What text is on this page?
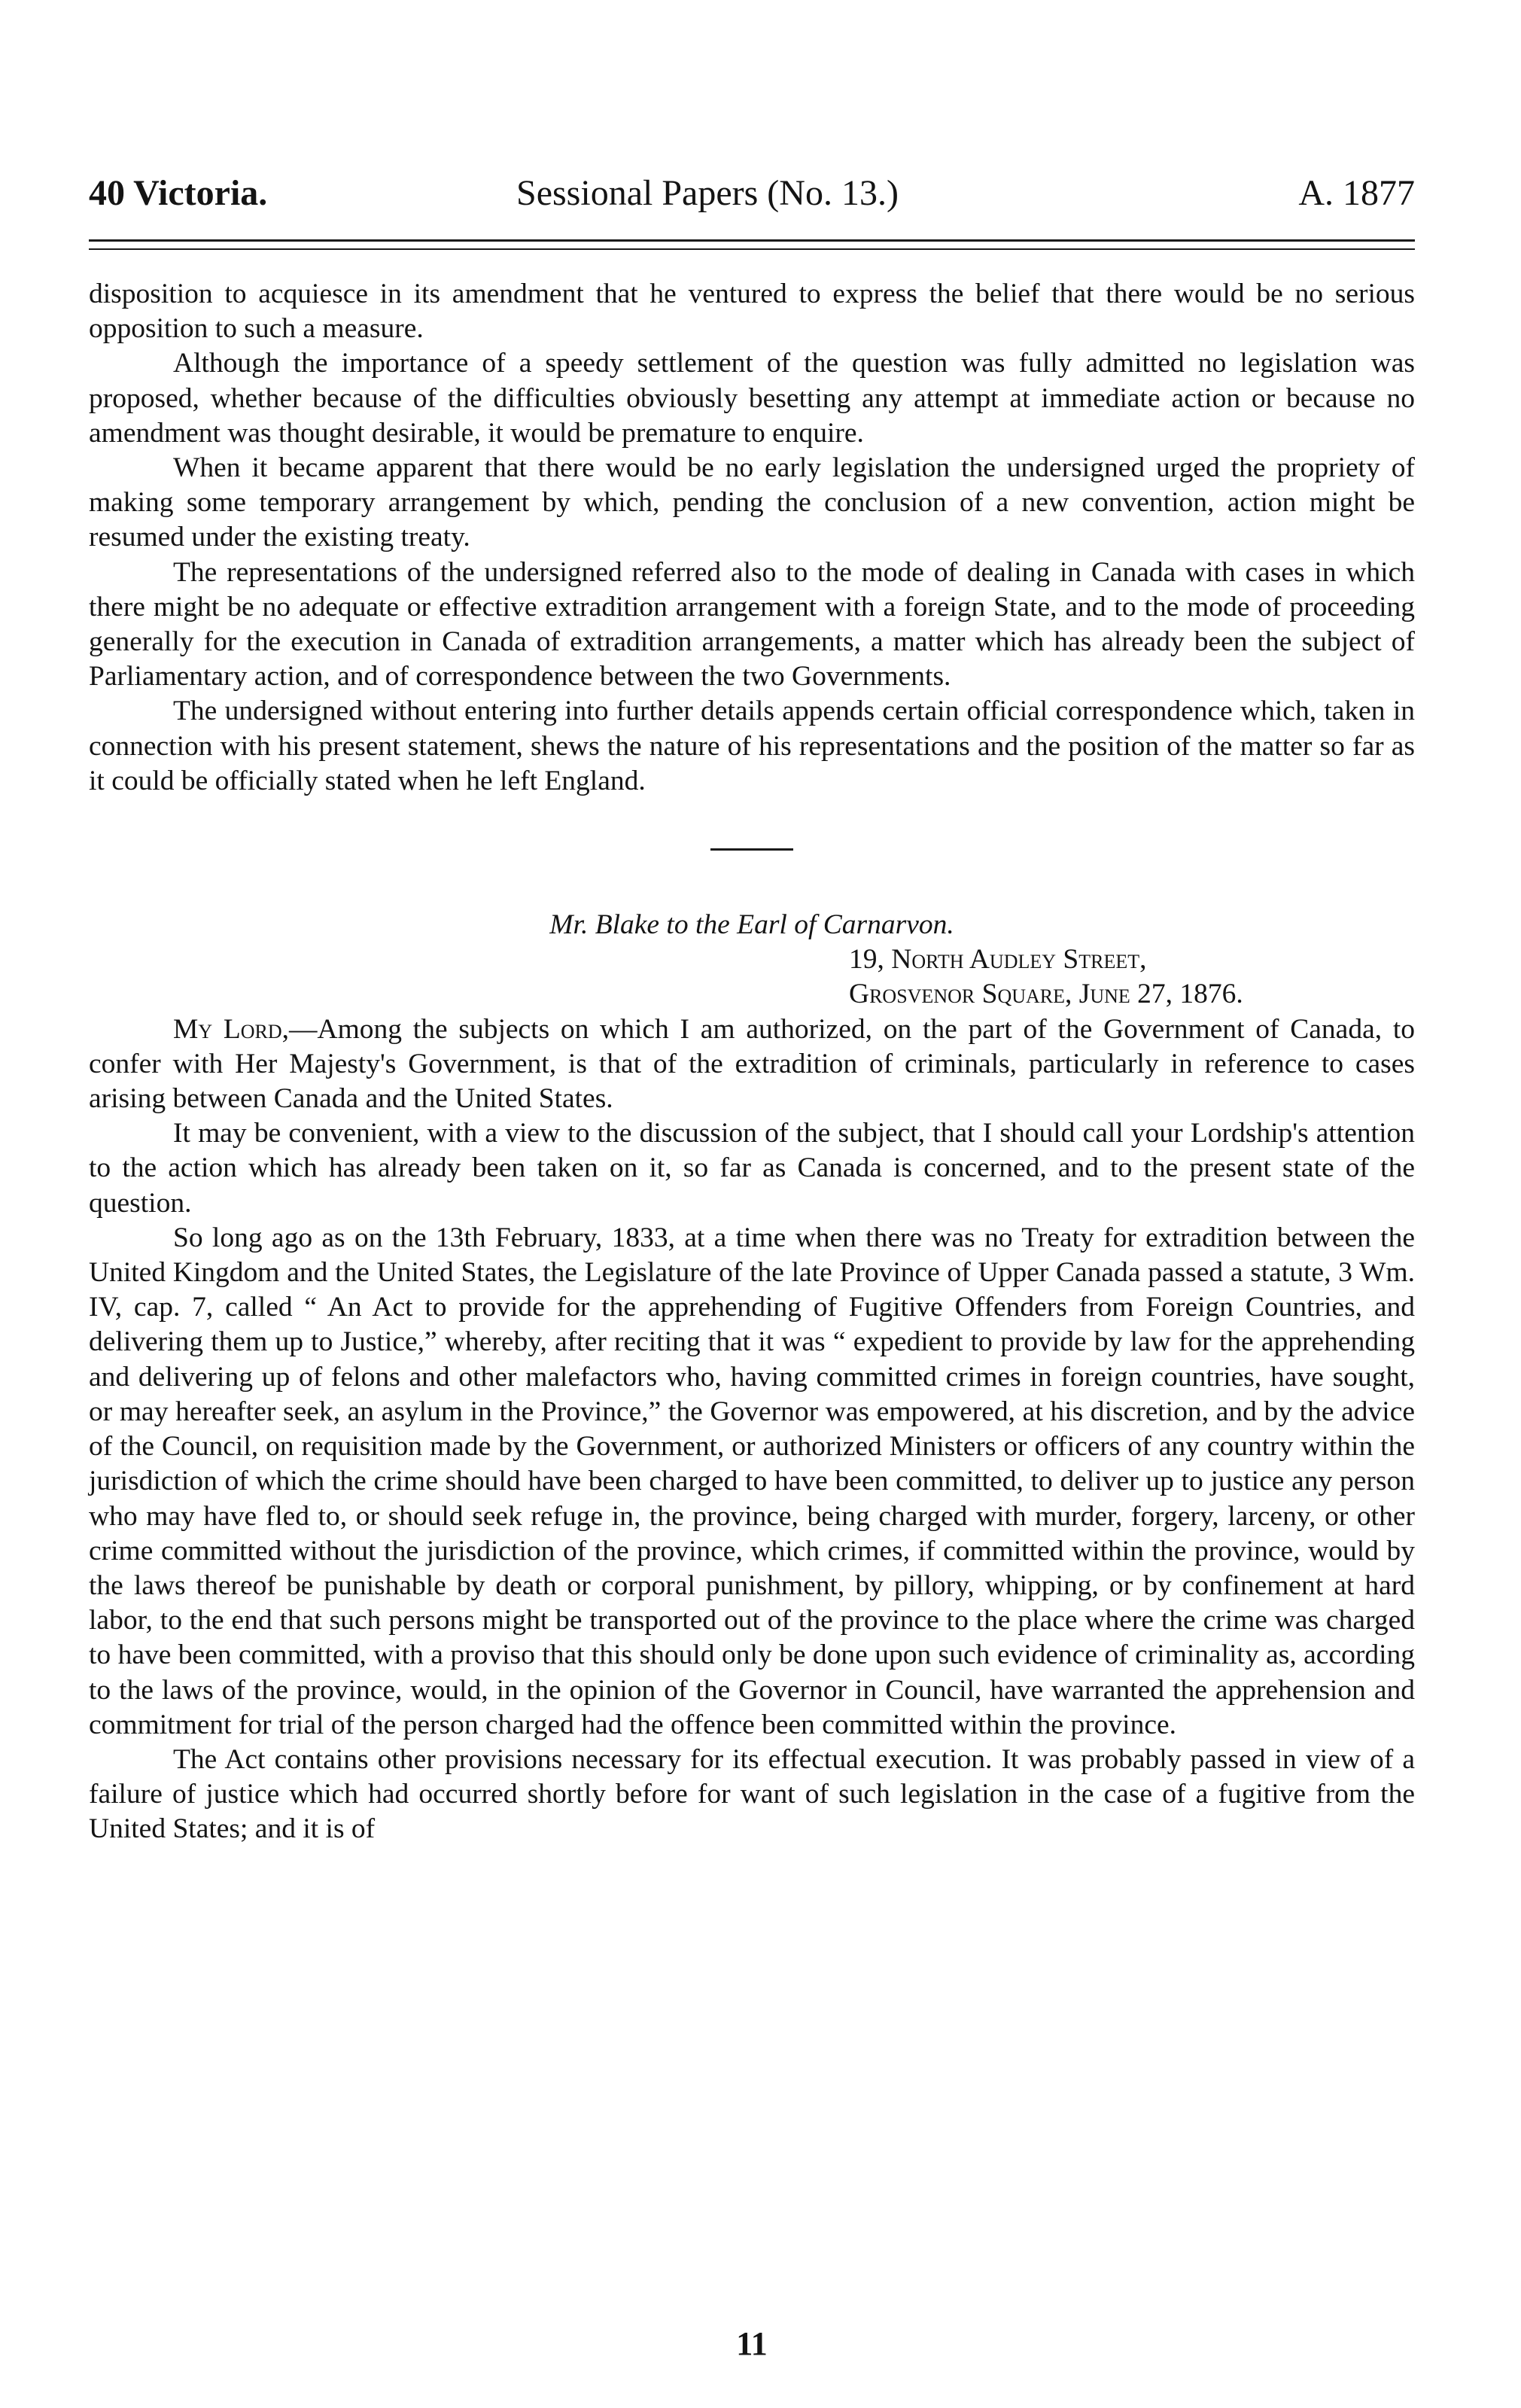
40 Victoria.	Sessional Papers (No. 13.)	A. 1877

disposition to acquiesce in its amendment that he ventured to express the belief that there would be no serious opposition to such a measure.

Although the importance of a speedy settlement of the question was fully admitted no legislation was proposed, whether because of the difficulties obviously besetting any attempt at immediate action or because no amendment was thought desirable, it would be premature to enquire.

When it became apparent that there would be no early legislation the undersigned urged the propriety of making some temporary arrangement by which, pending the conclusion of a new convention, action might be resumed under the existing treaty.

The representations of the undersigned referred also to the mode of dealing in Canada with cases in which there might be no adequate or effective extradition arrangement with a foreign State, and to the mode of proceeding generally for the execution in Canada of extradition arrangements, a matter which has already been the subject of Parliamentary action, and of correspondence between the two Governments.

The undersigned without entering into further details appends certain official correspondence which, taken in connection with his present statement, shews the nature of his representations and the position of the matter so far as it could be officially stated when he left England.

Mr. Blake to the Earl of Carnarvon.

19, North Audley Street,

Grosvenor Square, June 27, 1876.

My Lord,—Among the subjects on which I am authorized, on the part of the Government of Canada, to confer with Her Majesty's Government, is that of the extradition of criminals, particularly in reference to cases arising between Canada and the United States.

It may be convenient, with a view to the discussion of the subject, that I should call your Lordship's attention to the action which has already been taken on it, so far as Canada is concerned, and to the present state of the question.

So long ago as on the 13th February, 1833, at a time when there was no Treaty for extradition between the United Kingdom and the United States, the Legislature of the late Province of Upper Canada passed a statute, 3 Wm. IV, cap. 7, called “ An Act to provide for the apprehending of Fugitive Offenders from Foreign Countries, and delivering them up to Justice,” whereby, after reciting that it was “ expedient to provide by law for the apprehending and delivering up of felons and other malefactors who, having committed crimes in foreign countries, have sought, or may hereafter seek, an asylum in the Province,” the Governor was empowered, at his discretion, and by the advice of the Council, on requisition made by the Government, or authorized Ministers or officers of any country within the jurisdiction of which the crime should have been charged to have been committed, to deliver up to justice any person who may have fled to, or should seek refuge in, the province, being charged with murder, forgery, larceny, or other crime committed without the jurisdiction of the province, which crimes, if committed within the province, would by the laws thereof be punishable by death or corporal punishment, by pillory, whipping, or by confinement at hard labor, to the end that such persons might be transported out of the province to the place where the crime was charged to have been committed, with a proviso that this should only be done upon such evidence of criminality as, according to the laws of the province, would, in the opinion of the Governor in Council, have warranted the apprehension and commitment for trial of the person charged had the offence been committed within the province.

The Act contains other provisions necessary for its effectual execution. It was probably passed in view of a failure of justice which had occurred shortly before for want of such legislation in the case of a fugitive from the United States; and it is of

11
